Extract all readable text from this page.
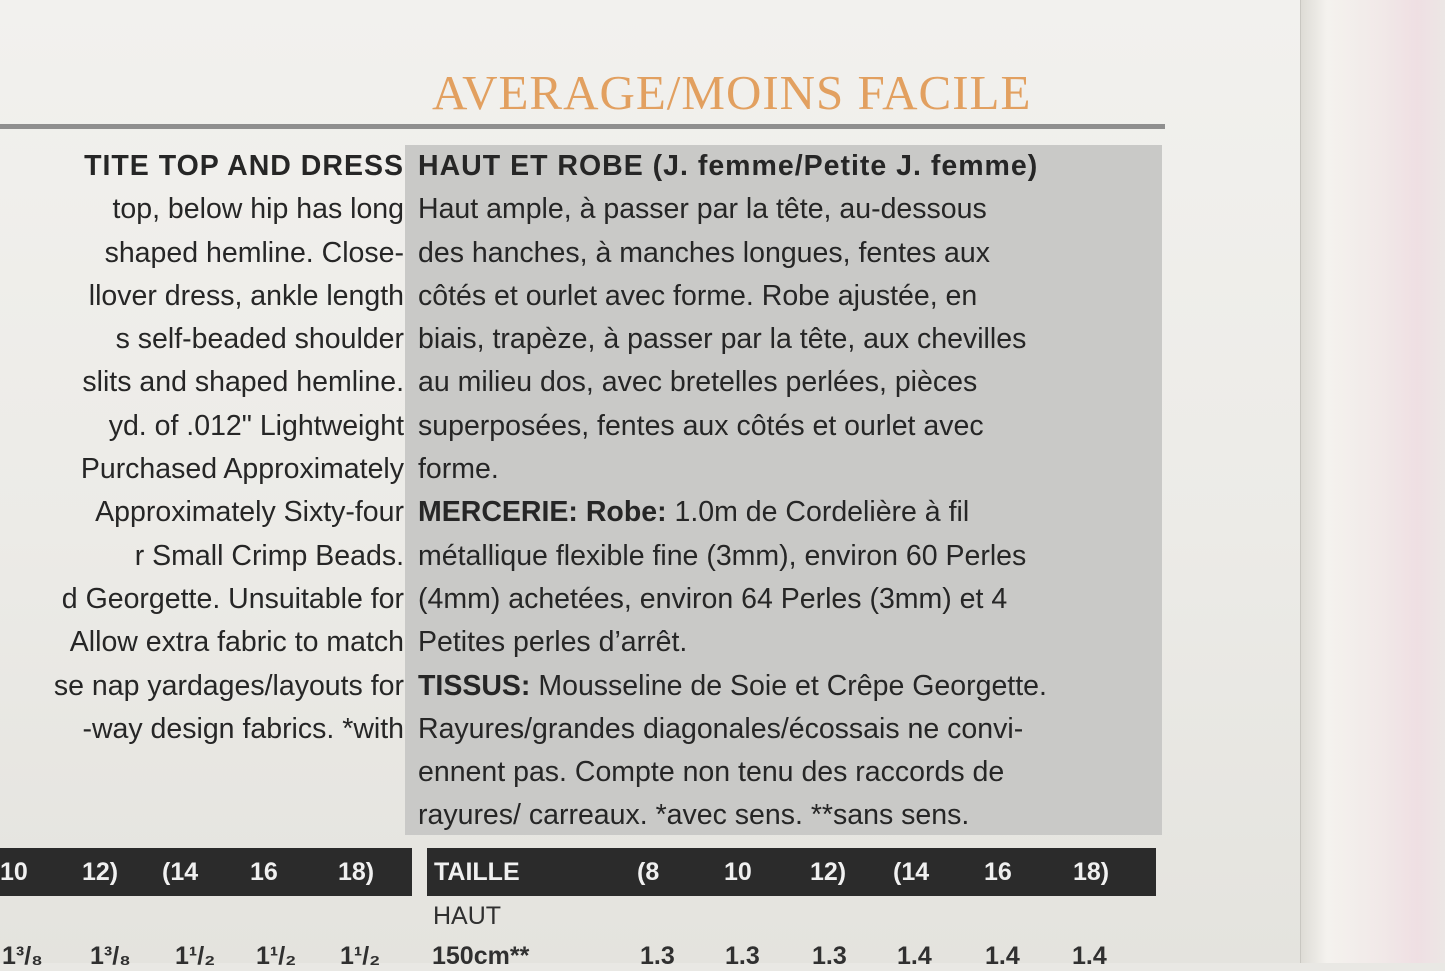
AVERAGE/MOINS FACILE
TITE TOP AND DRESS
top, below hip has long
shaped hemline. Close-
llover dress, ankle length
s self-beaded shoulder
slits and shaped hemline.
yd. of .012" Lightweight
Purchased Approximately
Approximately Sixty-four
r Small Crimp Beads.
d Georgette. Unsuitable for
Allow extra fabric to match
se nap yardages/layouts for
-way design fabrics. *with
HAUT ET ROBE (J. femme/Petite J. femme)
Haut ample, à passer par la tête, au-dessous
des hanches, à manches longues, fentes aux
côtés et ourlet avec forme. Robe ajustée, en
biais, trapèze, à passer par la tête, aux chevilles
au milieu dos, avec bretelles perlées, pièces
superposées, fentes aux côtés et ourlet avec
forme.
MERCERIE: Robe: 1.0m de Cordelière à fil
métallique flexible fine (3mm), environ 60 Perles
(4mm) achetées, environ 64 Perles (3mm) et 4
Petites perles d’arrêt.
TISSUS: Mousseline de Soie et Crêpe Georgette.
Rayures/grandes diagonales/écossais ne convi-
ennent pas. Compte non tenu des raccords de
rayures/ carreaux. *avec sens. **sans sens.
10 12) (14 16 18) TAILLE	(8	10 12) (14 16 18)
HAUT
1³/₈ 1³/₈ 1¹/₂ 1¹/₂ 1¹/₂ 150cm**	1.3 1.3 1.3 1.4 1.4 1.4
